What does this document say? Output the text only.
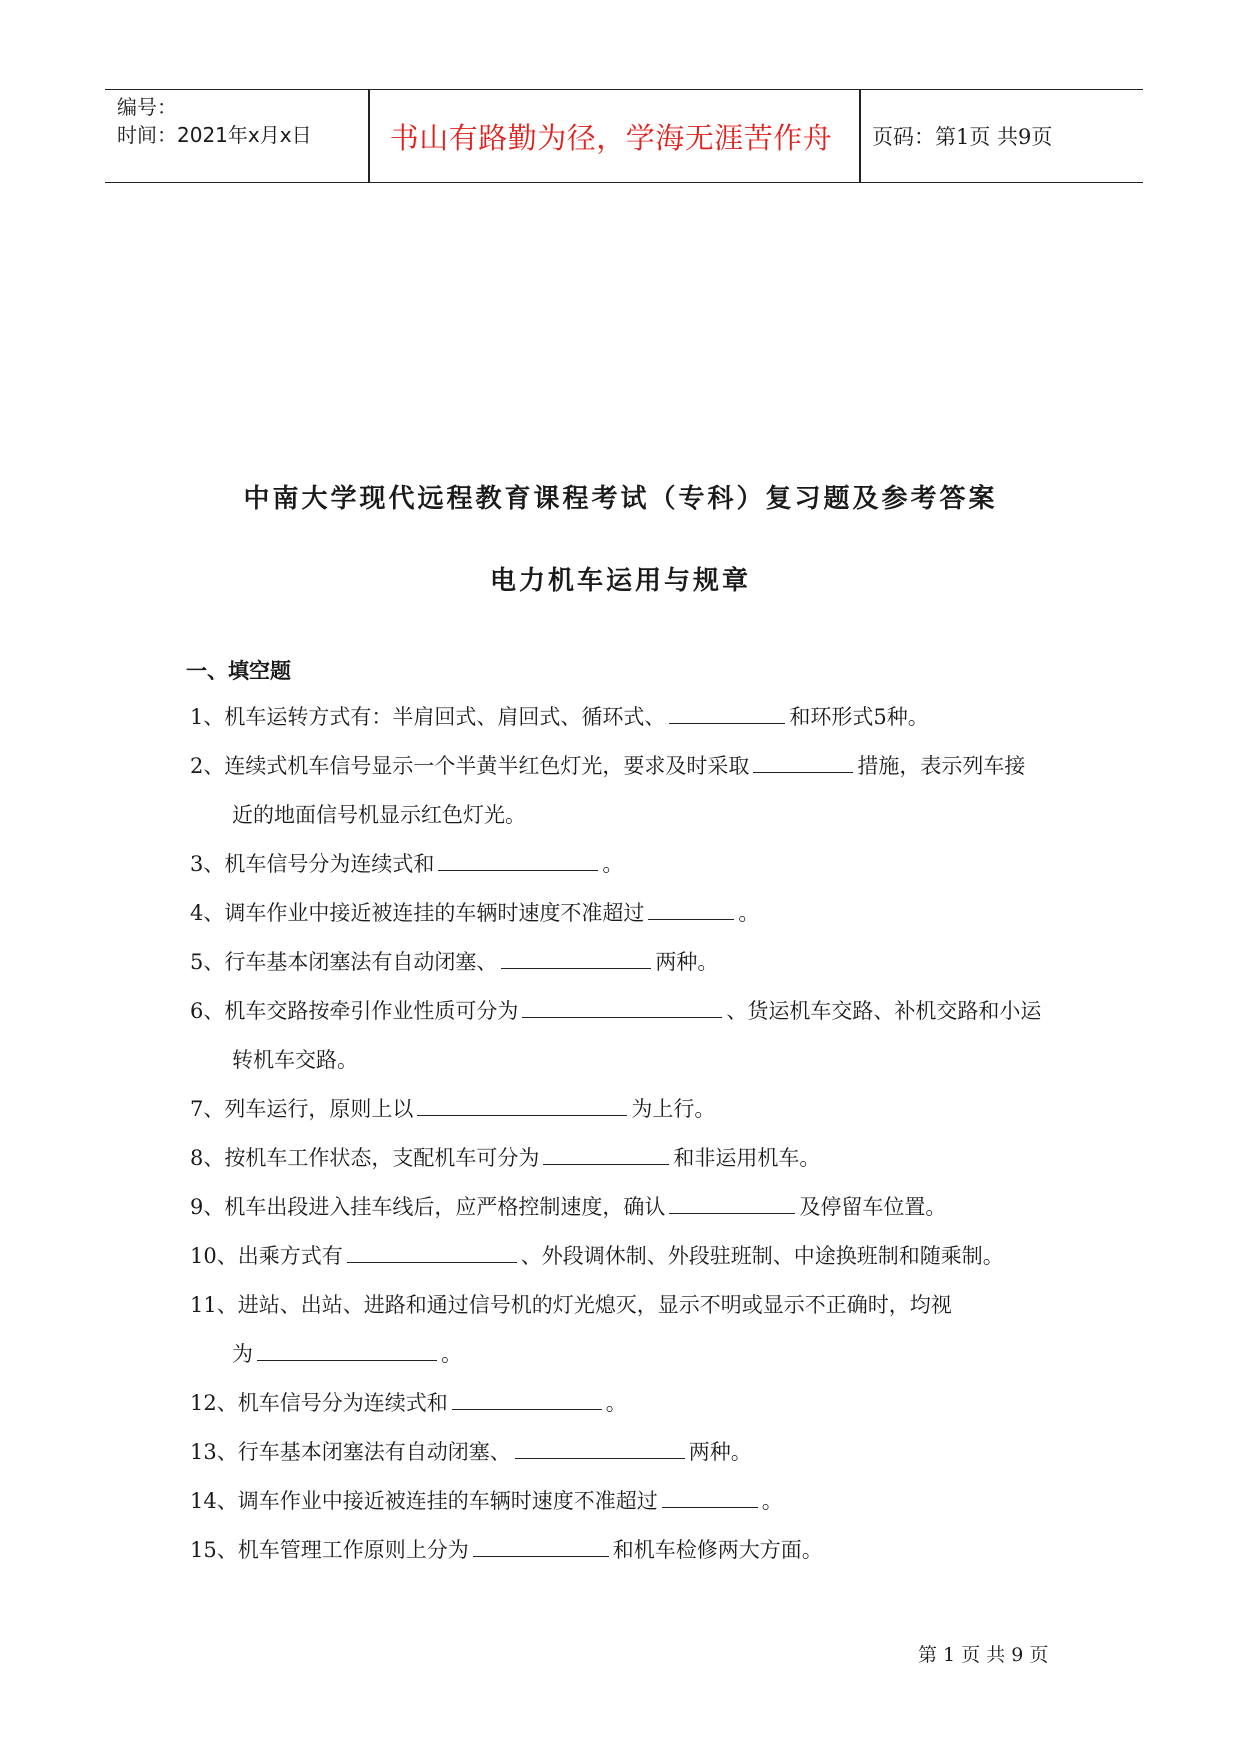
编号：
时间：2021年x月x日	书山有路勤为径，学海无涯苦作舟	页码：第1页 共9页
中南大学现代远程教育课程考试（专科）复习题及参考答案
电力机车运用与规章
一、填空题
1、机车运转方式有：半肩回式、肩回式、循环式、	和环形式5种。
2、连续式机车信号显示一个半黄半红色灯光，要求及时采取	措施，表示列车接
近的地面信号机显示红色灯光。
3、机车信号分为连续式和	。
4、调车作业中接近被连挂的车辆时速度不准超过	。
5、行车基本闭塞法有自动闭塞、	两种。
6、机车交路按牵引作业性质可分为	、货运机车交路、补机交路和小运
转机车交路。
7、列车运行，原则上以	为上行。
8、按机车工作状态，支配机车可分为	和非运用机车。
9、机车出段进入挂车线后，应严格控制速度，确认	及停留车位置。
10、出乘方式有	、外段调休制、外段驻班制、中途换班制和随乘制。
11、进站、出站、进路和通过信号机的灯光熄灭，显示不明或显示不正确时，均视
为	。
12、机车信号分为连续式和	。
13、行车基本闭塞法有自动闭塞、	两种。
14、调车作业中接近被连挂的车辆时速度不准超过	。
15、机车管理工作原则上分为	和机车检修两大方面。
第 1 页 共 9 页
